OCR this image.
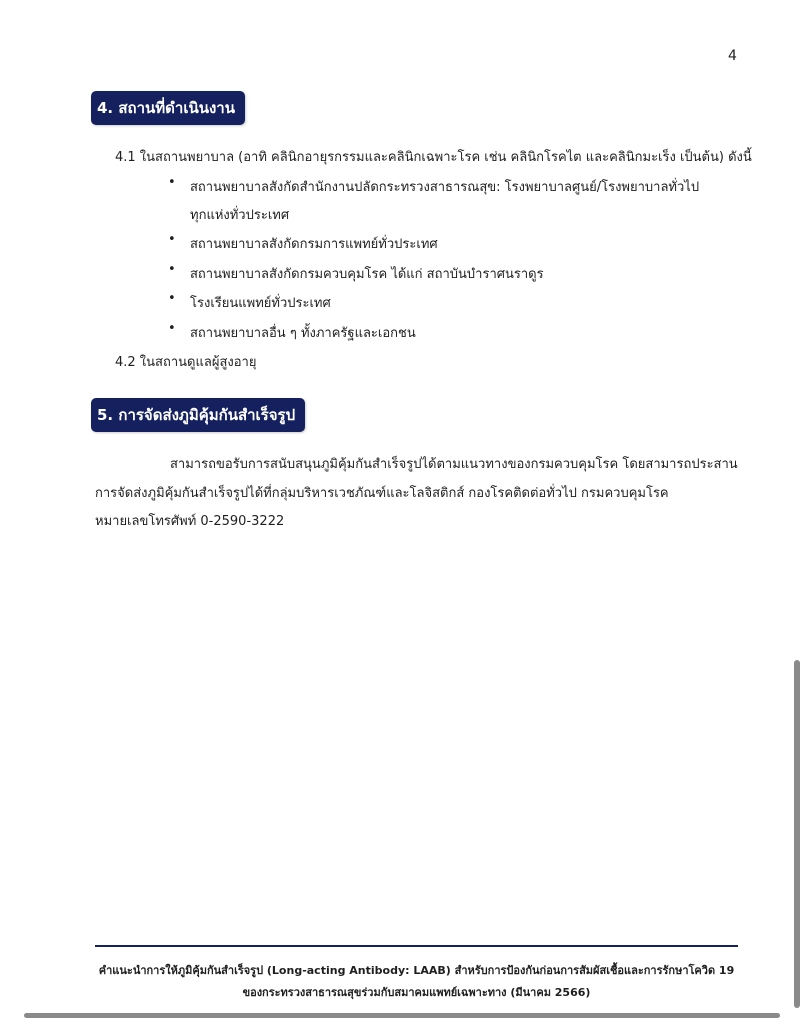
4
4. สถานที่ดำเนินงาน
4.1 ในสถานพยาบาล (อาทิ คลินิกอายุรกรรมและคลินิกเฉพาะโรค เช่น คลินิกโรคไต และคลินิกมะเร็ง เป็นต้น) ดังนี้
• สถานพยาบาลสังกัดสำนักงานปลัดกระทรวงสาธารณสุข: โรงพยาบาลศูนย์/โรงพยาบาลทั่วไป
ทุกแห่งทั่วประเทศ
• สถานพยาบาลสังกัดกรมการแพทย์ทั่วประเทศ
• สถานพยาบาลสังกัดกรมควบคุมโรค ได้แก่ สถาบันบำราศนราดูร
• โรงเรียนแพทย์ทั่วประเทศ
• สถานพยาบาลอื่น ๆ ทั้งภาครัฐและเอกชน
4.2 ในสถานดูแลผู้สูงอายุ
5. การจัดส่งภูมิคุ้มกันสำเร็จรูป
สามารถขอรับการสนับสนุนภูมิคุ้มกันสำเร็จรูปได้ตามแนวทางของกรมควบคุมโรค โดยสามารถประสาน
การจัดส่งภูมิคุ้มกันสำเร็จรูปได้ที่กลุ่มบริหารเวชภัณฑ์และโลจิสติกส์ กองโรคติดต่อทั่วไป กรมควบคุมโรค
หมายเลขโทรศัพท์ 0-2590-3222
คำแนะนำการให้ภูมิคุ้มกันสำเร็จรูป (Long-acting Antibody: LAAB) สำหรับการป้องกันก่อนการสัมผัสเชื้อและการรักษาโควิด 19
ของกระทรวงสาธารณสุขร่วมกับสมาคมแพทย์เฉพาะทาง (มีนาคม 2566)
